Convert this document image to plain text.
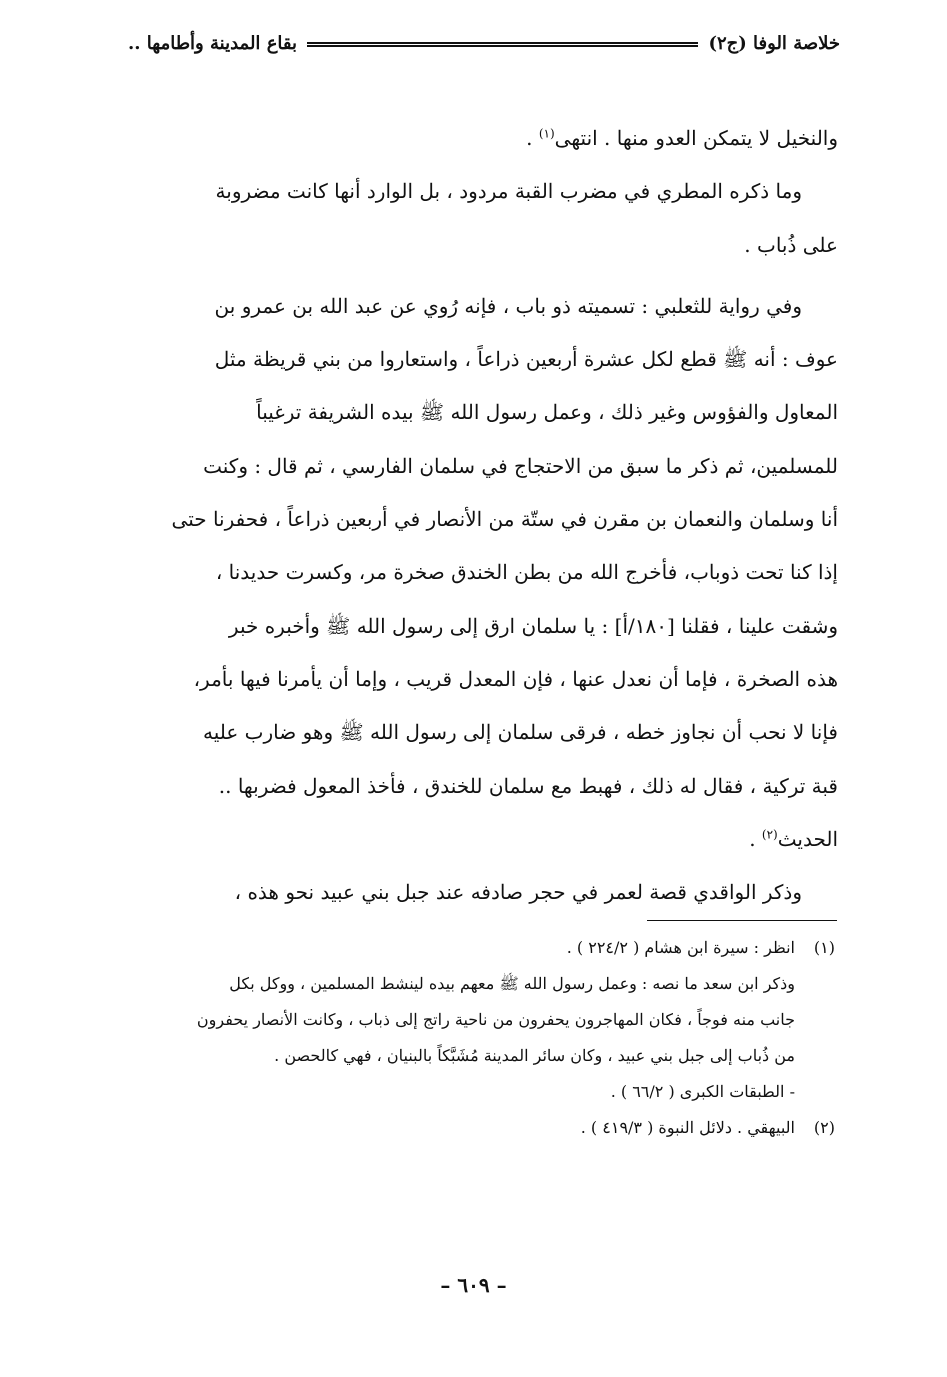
خلاصة الوفا (ج٢)
بقاع المدينة وأطامها ..

والنخيل لا يتمكن العدو منها . انتهى$^{(١)}$ .

وما ذكره المطري في مضرب القبة مردود ، بل الوارد أنها كانت مضروبة

على ذُباب .

وفي رواية للثعلبي : تسميته ذو باب ، فإنه رُوي عن عبد الله بن عمرو بن

عوف : أنه ﷺ قطع لكل عشرة أربعين ذراعاً ، واستعاروا من بني قريظة مثل

المعاول والفؤوس وغير ذلك ، وعمل رسول الله ﷺ بيده الشريفة ترغيباً

للمسلمين، ثم ذكر ما سبق من الاحتجاج في سلمان الفارسي ، ثم قال : وكنت

أنا وسلمان والنعمان بن مقرن في ستّة من الأنصار في أربعين ذراعاً ، فحفرنا حتى

إذا كنا تحت ذوباب، فأخرج الله من بطن الخندق صخرة مر، وكسرت حديدنا ،

وشقت علينا ، فقلنا [١٨٠/أ] : يا سلمان ارق إلى رسول الله ﷺ وأخبره خبر

هذه الصخرة ، فإما أن نعدل عنها ، فإن المعدل قريب ، وإما أن يأمرنا فيها بأمر،

فإنا لا نحب أن نجاوز خطه ، فرقى سلمان إلى رسول الله ﷺ وهو ضارب عليه

قبة تركية ، فقال له ذلك ، فهبط مع سلمان للخندق ، فأخذ المعول فضربها ..

الحديث$^{(٢)}$ .

وذكر الواقدي قصة لعمر في حجر صادفه عند جبل بني عبيد نحو هذه ،

(١)انظر : سيرة ابن هشام ( ٢٢٤/٢ ) .

وذكر ابن سعد ما نصه : وعمل رسول الله ﷺ معهم بيده لينشط المسلمين ، ووكل بكل

جانب منه فوجاً ، فكان المهاجرون يحفرون من ناحية راتج إلى ذباب ، وكانت الأنصار يحفرون

من ذُباب إلى جبل بني عبيد ، وكان سائر المدينة مُشَبَّكاً بالبنيان ، فهي كالحصن .

- الطبقات الكبرى ( ٦٦/٢ ) .

(٢)البيهقي . دلائل النبوة ( ٤١٩/٣ ) .

– ٦٠٩ –
